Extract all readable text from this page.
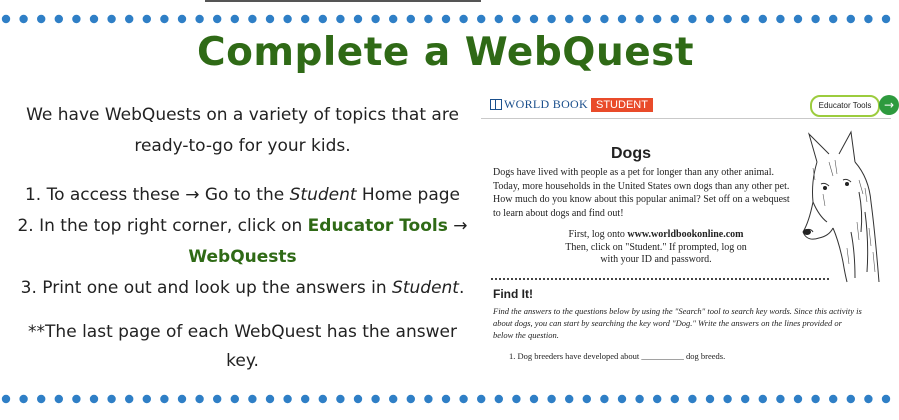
Complete a WebQuest

We have WebQuests on a variety of topics that are
ready-to-go for your kids.

1. To access these → Go to the Student Home page
2. In the top right corner, click on Educator Tools →
WebQuests
3. Print one out and look up the answers in Student.

**The last page of each WebQuest has the answer
key.

WORLD BOOK STUDENT	Educator Tools	→
Dogs
Dogs have lived with people as a pet for longer than any other animal. Today, more households in the United States own dogs than any other pet. How much do you know about this popular animal? Set off on a webquest to learn about dogs and find out!
First, log onto www.worldbookonline.com
Then, click on "Student." If prompted, log on
with your ID and password.
Find It!
Find the answers to the questions below by using the "Search" tool to search key words. Since this activity is about dogs, you can start by searching the key word "Dog." Write the answers on the lines provided or below the question.
1. Dog breeders have developed about __________ dog breeds.
